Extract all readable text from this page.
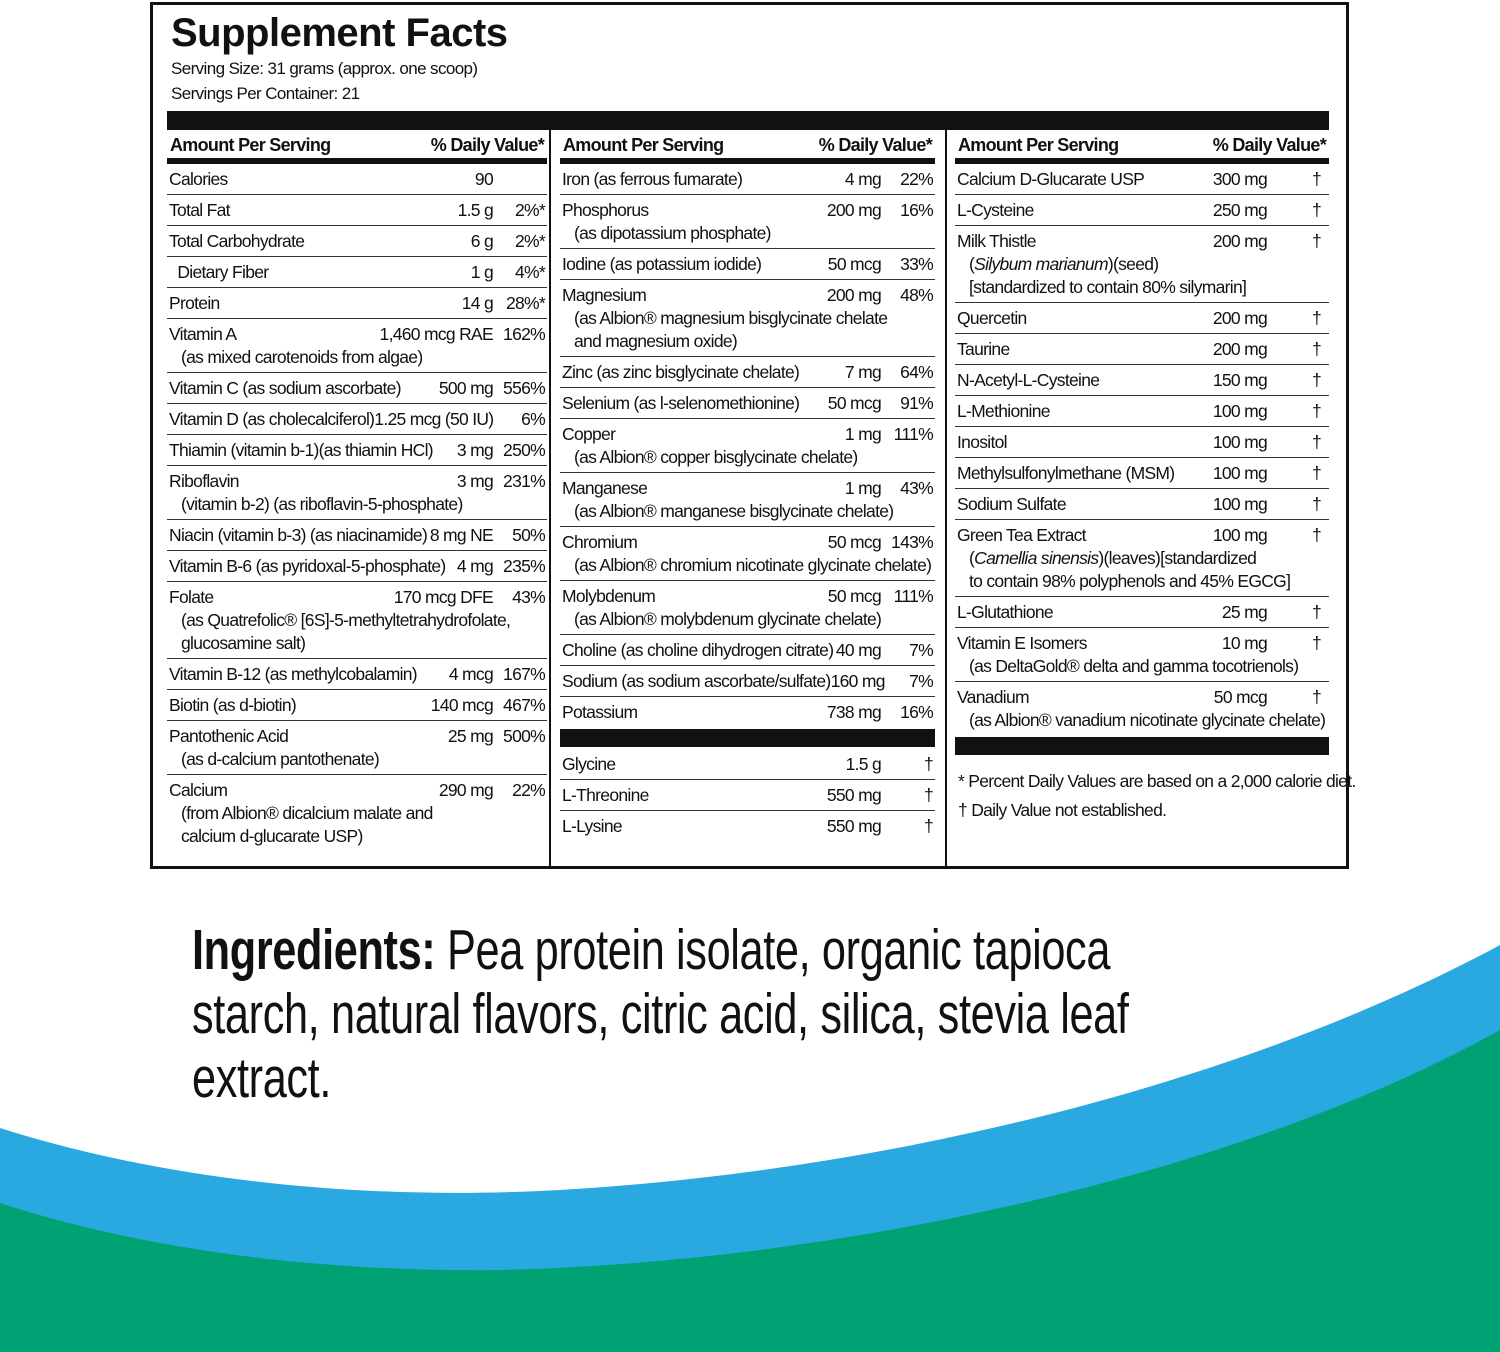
Supplement Facts
Serving Size: 31 grams (approx. one scoop)
Servings Per Container: 21
Amount Per Serving	% Daily Value*
Calories	90
Total Fat	1.5 g	2%*
Total Carbohydrate	6 g	2%*
Dietary Fiber	1 g	4%*
Protein	14 g 28%*
Vitamin A	1,460 mcg RAE 162%
(as mixed carotenoids from algae)
Vitamin C (as sodium ascorbate)	500 mg 556%
Vitamin D (as cholecalciferol) 1.25 mcg (50 IU)	6%
Thiamin (vitamin b-1)(as thiamin HCl)	3 mg 250%
Riboflavin	3 mg 231%
(vitamin b-2) (as riboflavin-5-phosphate)
Niacin (vitamin b-3) (as niacinamide) 8 mg NE	50%
Vitamin B-6 (as pyridoxal-5-phosphate) 4 mg 235%
Folate	170 mcg DFE	43%
(as Quatrefolic® [6S]-5-methyltetrahydrofolate,
glucosamine salt)
Vitamin B-12 (as methylcobalamin)	4 mcg 167%
Biotin (as d-biotin)	140 mcg 467%
Pantothenic Acid	25 mg 500%
(as d-calcium pantothenate)
Calcium	290 mg	22%
(from Albion® dicalcium malate and
calcium d-glucarate USP)
Amount Per Serving	% Daily Value*
Iron (as ferrous fumarate)	4 mg	22%
Phosphorus	200 mg	16%
(as dipotassium phosphate)
Iodine (as potassium iodide)	50 mcg	33%
Magnesium	200 mg	48%
(as Albion® magnesium bisglycinate chelate
and magnesium oxide)
Zinc (as zinc bisglycinate chelate)	7 mg	64%
Selenium (as l-selenomethionine)	50 mcg	91%
Copper	1 mg 111%
(as Albion® copper bisglycinate chelate)
Manganese	1 mg	43%
(as Albion® manganese bisglycinate chelate)
Chromium	50 mcg 143%
(as Albion® chromium nicotinate glycinate chelate)
Molybdenum	50 mcg 111%
(as Albion® molybdenum glycinate chelate)
Choline (as choline dihydrogen citrate) 40 mg	7%
Sodium (as sodium ascorbate/sulfate) 160 mg	7%
Potassium	738 mg	16%
Glycine	1.5 g	†
L-Threonine	550 mg	†
L-Lysine	550 mg	†
Amount Per Serving	% Daily Value*
Calcium D-Glucarate USP	300 mg	†
L-Cysteine	250 mg	†
Milk Thistle	200 mg	†
(Silybum marianum)(seed)
[standardized to contain 80% silymarin]
Quercetin	200 mg	†
Taurine	200 mg	†
N-Acetyl-L-Cysteine	150 mg	†
L-Methionine	100 mg	†
Inositol	100 mg	†
Methylsulfonylmethane (MSM)	100 mg	†
Sodium Sulfate	100 mg	†
Green Tea Extract	100 mg	†
(Camellia sinensis)(leaves)[standardized
to contain 98% polyphenols and 45% EGCG]
L-Glutathione	25 mg	†
Vitamin E Isomers	10 mg	†
(as DeltaGold® delta and gamma tocotrienols)
Vanadium	50 mcg	†
(as Albion® vanadium nicotinate glycinate chelate)
* Percent Daily Values are based on a 2,000 calorie diet.
† Daily Value not established.
Ingredients: Pea protein isolate, organic tapioca starch, natural flavors, citric acid, silica, stevia leaf extract.
